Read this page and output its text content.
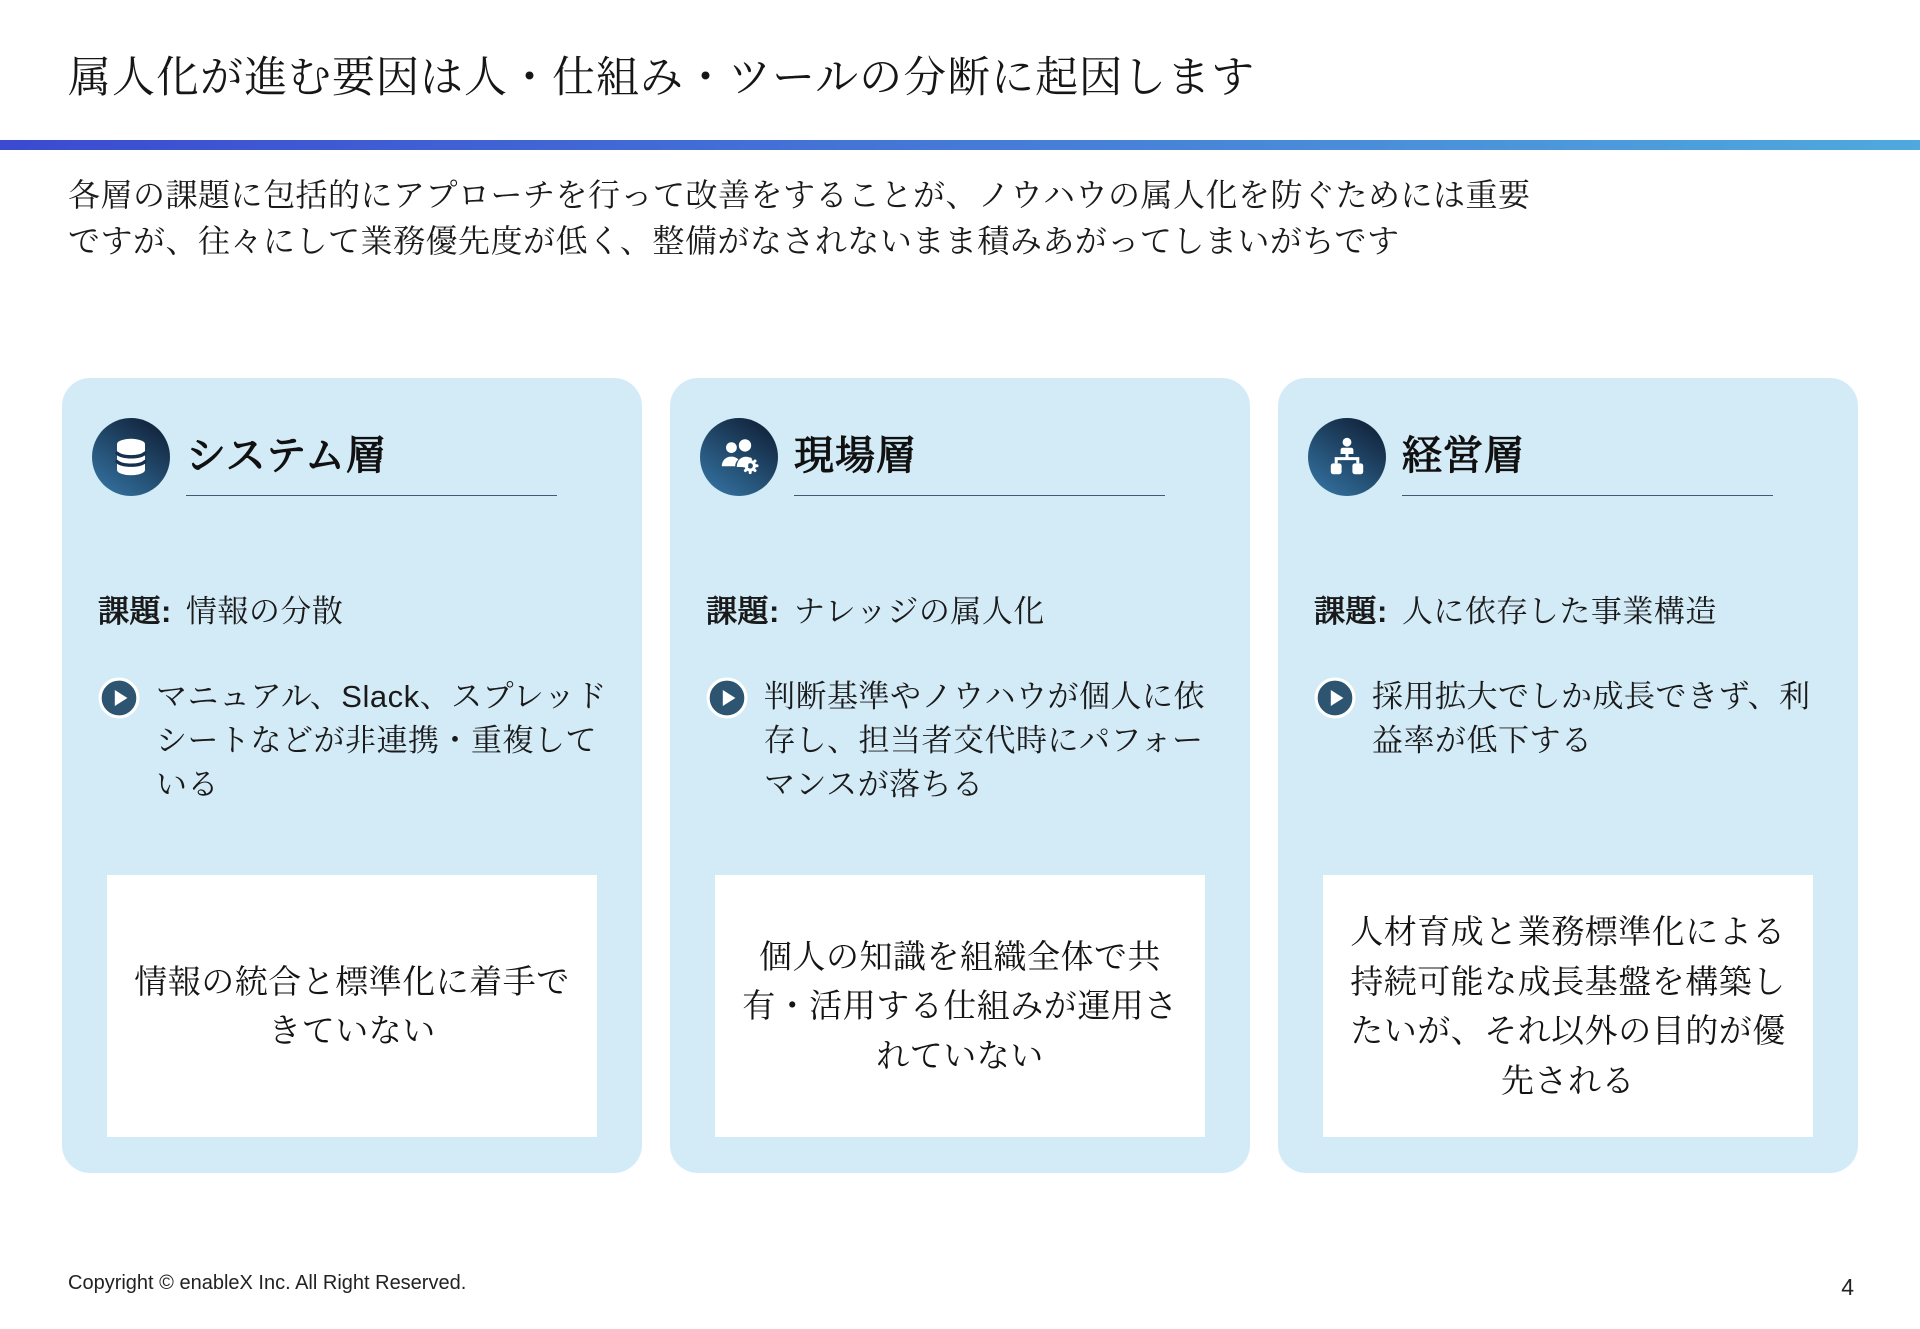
属人化が進む要因は人・仕組み・ツールの分断に起因します

各層の課題に包括的にアプローチを行って改善をすることが、ノウハウの属人化を防ぐためには重要ですが、往々にして業務優先度が低く、整備がなされないまま積みあがってしまいがちです

システム層
課題: 情報の分散

マニュアル、Slack、スプレッドシートなどが非連携・重複している

情報の統合と標準化に着手できていない

現場層
課題: ナレッジの属人化

判断基準やノウハウが個人に依存し、担当者交代時にパフォーマンスが落ちる

個人の知識を組織全体で共有・活用する仕組みが運用されていない

経営層
課題: 人に依存した事業構造

採用拡大でしか成長できず、利益率が低下する

人材育成と業務標準化による持続可能な成長基盤を構築したいが、それ以外の目的が優先される

Copyright © enableX Inc. All Right Reserved.	4
